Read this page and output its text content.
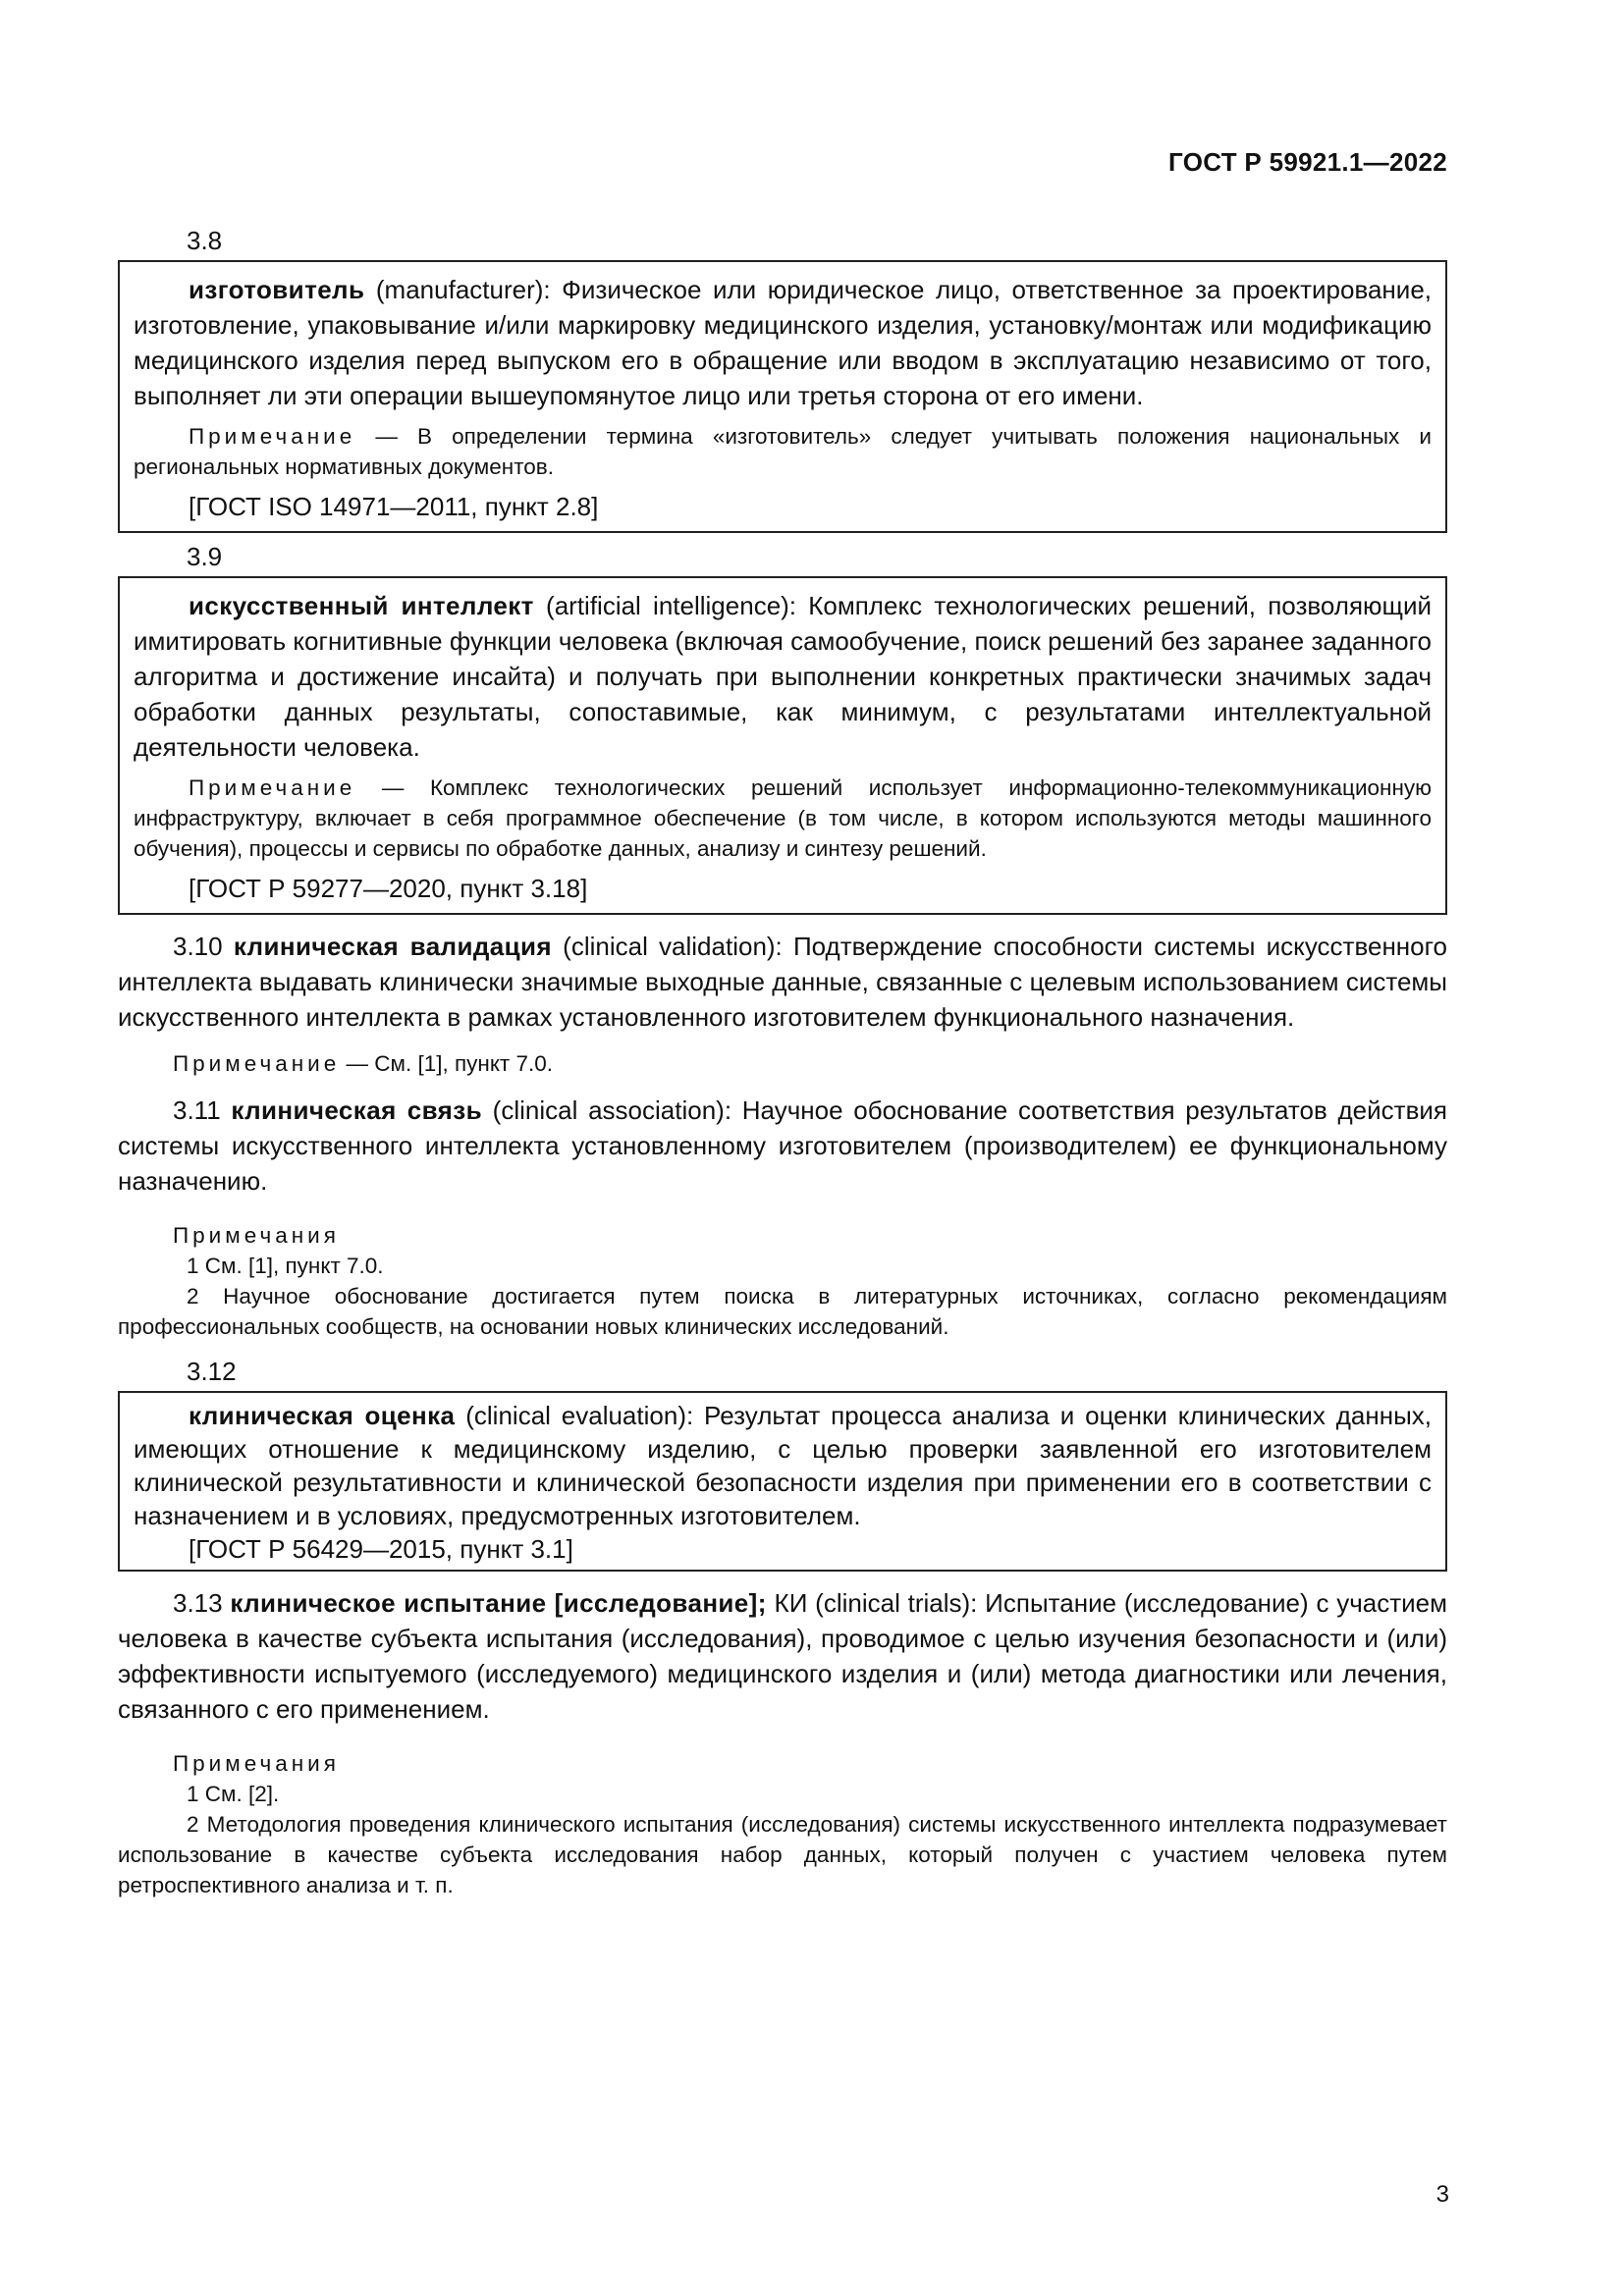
ГОСТ Р 59921.1—2022
3.8

изготовитель (manufacturer): Физическое или юридическое лицо, ответственное за проектирование, изготовление, упаковывание и/или маркировку медицинского изделия, установку/монтаж или модификацию медицинского изделия перед выпуском его в обращение или вводом в эксплуатацию независимо от того, выполняет ли эти операции вышеупомянутое лицо или третья сторона от его имени.

Примечание — В определении термина «изготовитель» следует учитывать положения национальных и региональных нормативных документов.

[ГОСТ ISO 14971—2011, пункт 2.8]

3.9

искусственный интеллект (artificial intelligence): Комплекс технологических решений, позволяющий имитировать когнитивные функции человека (включая самообучение, поиск решений без заранее заданного алгоритма и достижение инсайта) и получать при выполнении конкретных практически значимых задач обработки данных результаты, сопоставимые, как минимум, с результатами интеллектуальной деятельности человека.

Примечание — Комплекс технологических решений использует информационно-телекоммуникационную инфраструктуру, включает в себя программное обеспечение (в том числе, в котором используются методы машинного обучения), процессы и сервисы по обработке данных, анализу и синтезу решений.

[ГОСТ Р 59277—2020, пункт 3.18]

3.10 клиническая валидация (clinical validation): Подтверждение способности системы искусственного интеллекта выдавать клинически значимые выходные данные, связанные с целевым использованием системы искусственного интеллекта в рамках установленного изготовителем функционального назначения.

Примечание — См. [1], пункт 7.0.

3.11 клиническая связь (clinical association): Научное обоснование соответствия результатов действия системы искусственного интеллекта установленному изготовителем (производителем) ее функциональному назначению.

Примечания

1 См. [1], пункт 7.0.

2 Научное обоснование достигается путем поиска в литературных источниках, согласно рекомендациям профессиональных сообществ, на основании новых клинических исследований.

3.12

клиническая оценка (clinical evaluation): Результат процесса анализа и оценки клинических данных, имеющих отношение к медицинскому изделию, с целью проверки заявленной его изготовителем клинической результативности и клинической безопасности изделия при применении его в соответствии с назначением и в условиях, предусмотренных изготовителем.

[ГОСТ Р 56429—2015, пункт 3.1]

3.13 клиническое испытание [исследование]; КИ (clinical trials): Испытание (исследование) с участием человека в качестве субъекта испытания (исследования), проводимое с целью изучения безопасности и (или) эффективности испытуемого (исследуемого) медицинского изделия и (или) метода диагностики или лечения, связанного с его применением.

Примечания

1 См. [2].

2 Методология проведения клинического испытания (исследования) системы искусственного интеллекта подразумевает использование в качестве субъекта исследования набор данных, который получен с участием человека путем ретроспективного анализа и т. п.

3
